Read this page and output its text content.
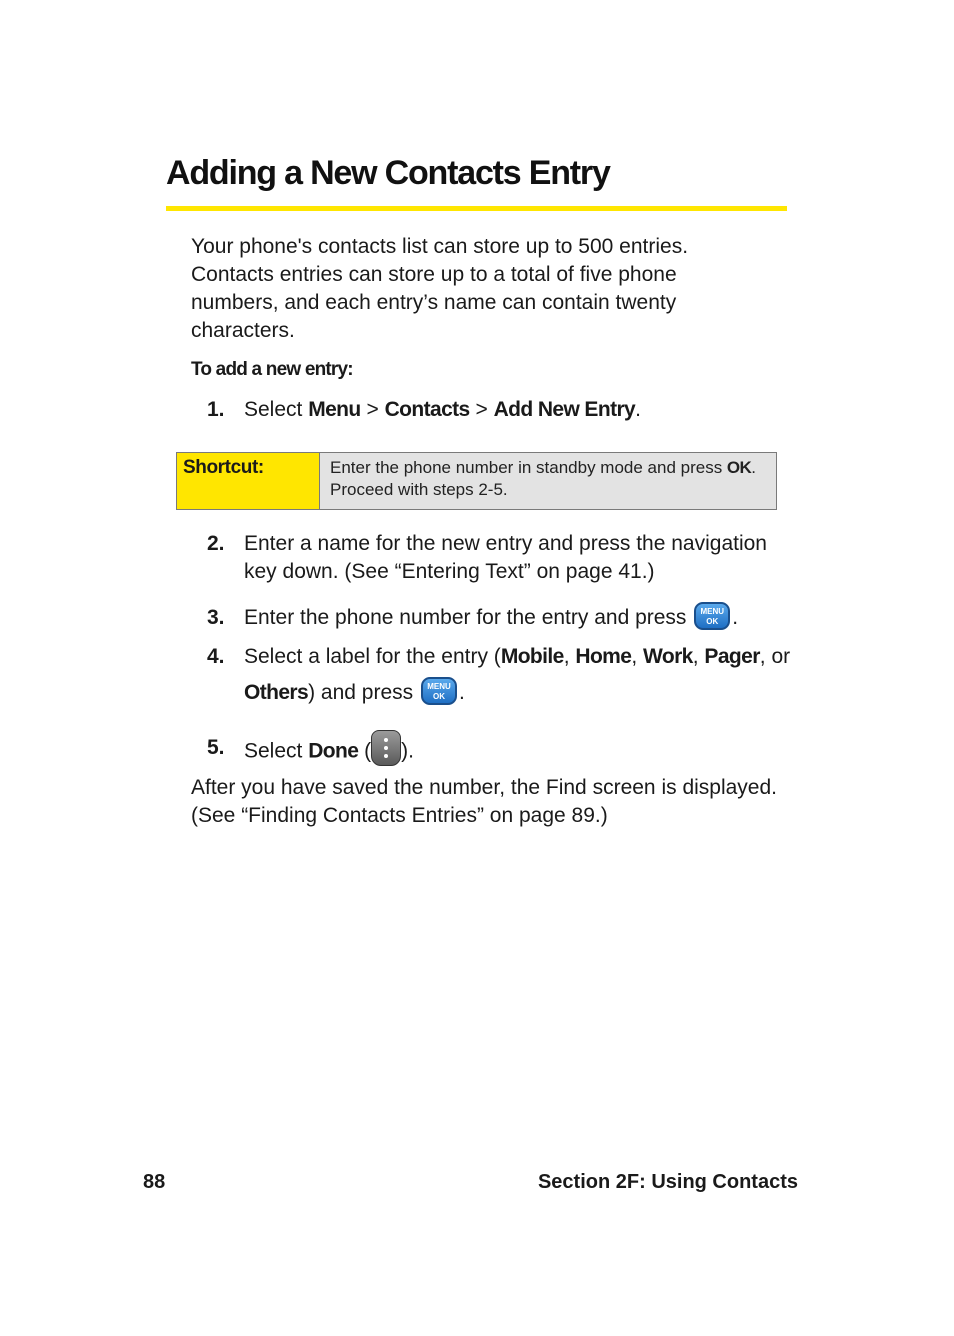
Adding a New Contacts Entry

Your phone's contacts list can store up to 500 entries. Contacts entries can store up to a total of five phone numbers, and each entry’s name can contain twenty characters.

To add a new entry:

1. Select Menu > Contacts > Add New Entry.
Shortcut:	Enter the phone number in standby mode and press OK. Proceed with steps 2-5.
2. Enter a name for the new entry and press the navigation key down. (See “Entering Text” on page 41.)
3. Enter the phone number for the entry and press MENU
OK .
4. Select a label for the entry (Mobile, Home, Work, Pager, or Others) and press MENU
OK .
5. Select Done ( ).

After you have saved the number, the Find screen is displayed. (See “Finding Contacts Entries” on page 89.)

88	Section 2F: Using Contacts
